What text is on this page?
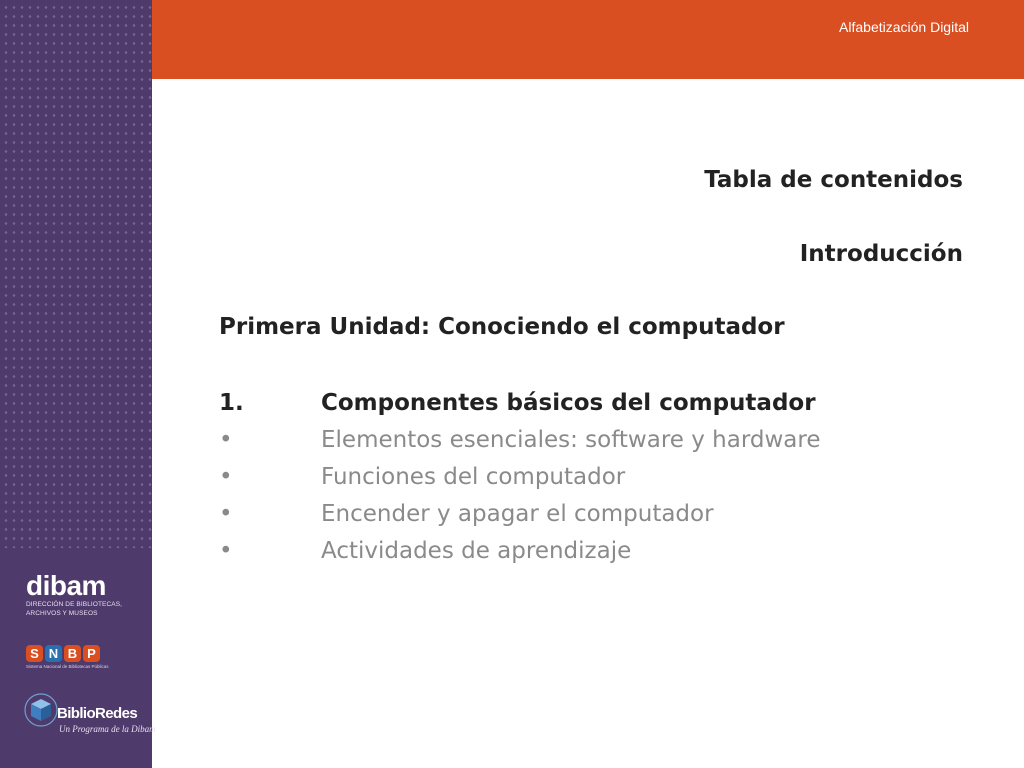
dibam
DIRECCIÓN DE BIBLIOTECAS,
ARCHIVOS Y MUSEOS
S N B P
Sistema Nacional de Bibliotecas Públicas
BiblioRedes
Un Programa de la Dibam
Alfabetización Digital
Tabla de contenidos
Introducción
Primera Unidad: Conociendo el computador
1.	Componentes básicos del computador
•	Elementos esenciales: software y hardware
•	Funciones del computador
•	Encender y apagar el computador
•	Actividades de aprendizaje
